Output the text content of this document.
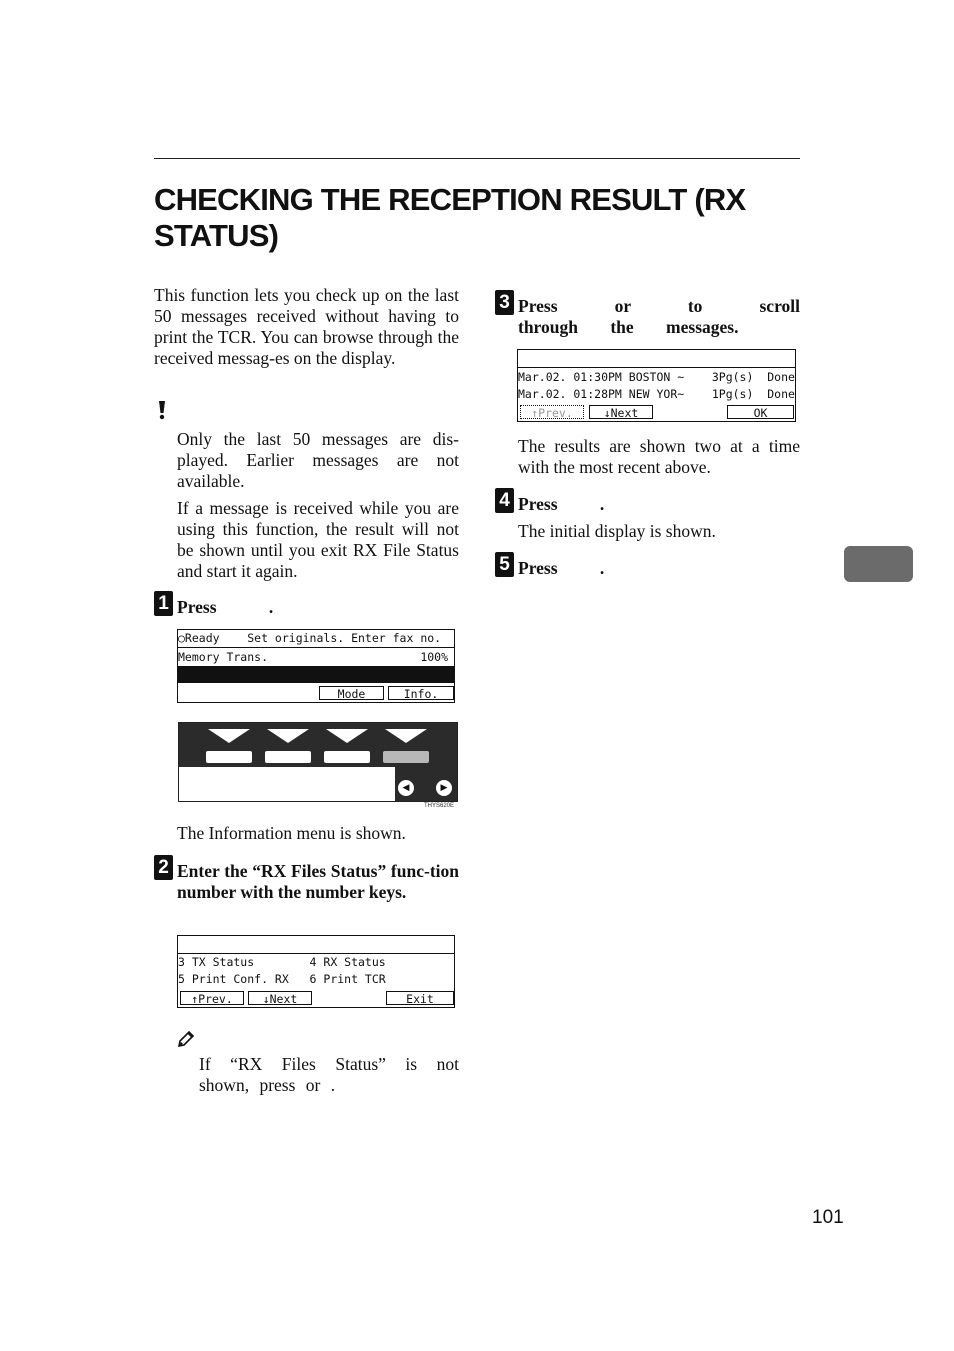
CHECKING THE RECEPTION RESULT (RX STATUS)
This function lets you check up on the last 50 messages received without having to print the TCR. You can browse through the received messag-es on the display.
Only the last 50 messages are dis-played. Earlier messages are not available.
If a message is received while you are using this function, the result will not be shown until you exit RX File Status and start it again.
1 Press .
○Ready    Set originals. Enter fax no.
Memory Trans.                      100%

Mode

	Info.

◀	▶
THYS620E
The Information menu is shown.
2 Enter the “RX Files Status” func-tion number with the number keys.

3 TX Status        4 RX Status
5 Print Conf. RX   6 Print TCR

↑Prev.

	↓Next

	Exit

If “RX Files Status” is not shown, press or .
3 Press or to scroll through the messages.

Mar.02. 01:30PM BOSTON ~    3Pg(s)  Done
Mar.02. 01:28PM NEW YOR~    1Pg(s)  Done

↑Prev.

	↓Next

	OK

The results are shown two at a time with the most recent above.
4 Press .
The initial display is shown.
5 Press .
101
